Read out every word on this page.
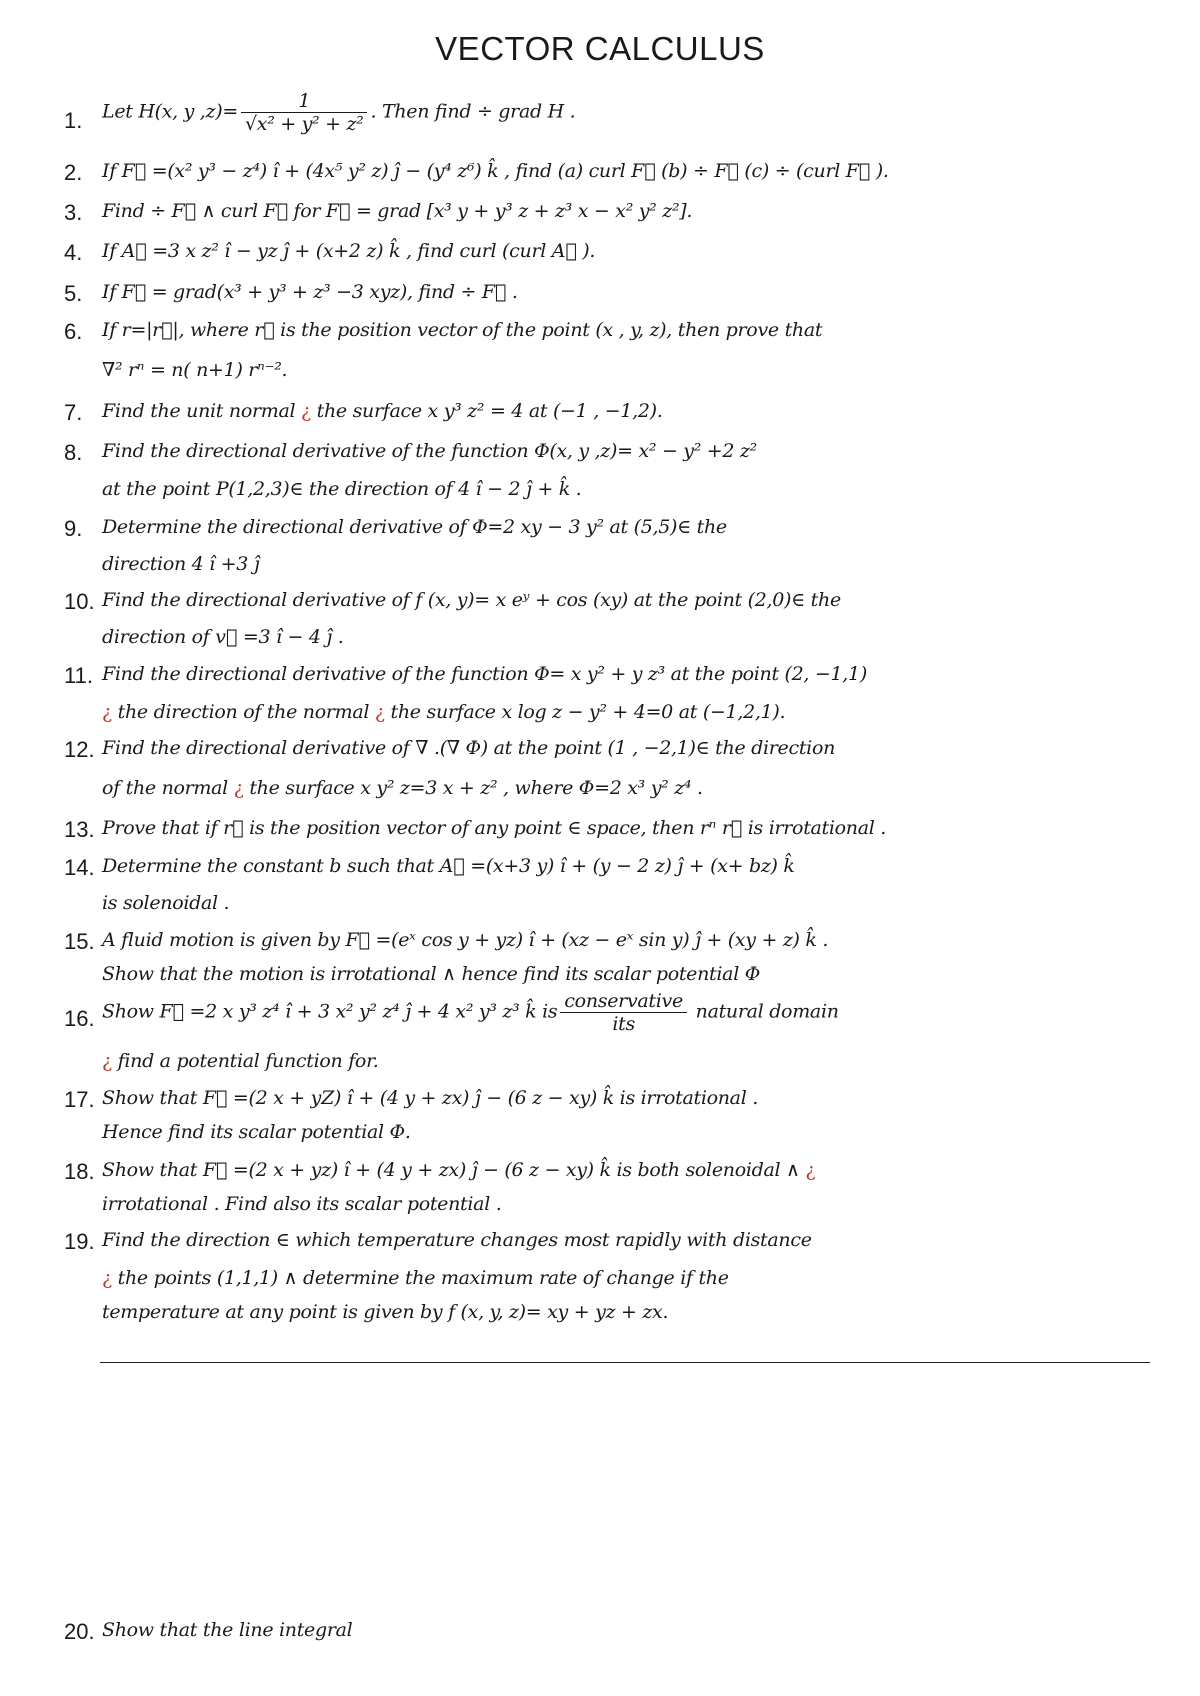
VECTOR CALCULUS
1. Let H(x, y $,z)= \frac{1}{\text{√x² + y² + z²}}$ . Then find ÷ grad H .
2. If F⃗ =(x² y³ − z⁴) î + (4x⁵ y² z) ĵ − (y⁴ z⁶) k̂ , find (a) curl F⃗ (b) ÷ F⃗ (c) ÷ (curl F⃗ ).
3. Find ÷ F⃗ ∧ curl F⃗ for F⃗ = grad [x³ y + y³ z + z³ x − x² y² z²].
4. If A⃗ =3 x z² î − yz ĵ + (x+2 z) k̂ , find curl (curl A⃗ ).
5. If F⃗ = grad(x³ + y³ + z³ −3 xyz), find ÷ F⃗ .
6. If r=|r⃗|, where r⃗ is the position vector of the point (x , y, z), then prove that
∇² rⁿ = n( n+1) rⁿ⁻².
7. Find the unit normal ¿ the surface x y³ z² = 4 at (−1 , −1,2).
8. Find the directional derivative of the function Φ(x, y ,z)= x² − y² +2 z²
at the point P(1,2,3)∈ the direction of 4 î − 2 ĵ + k̂ .
9. Determine the directional derivative of Φ=2 xy − 3 y² at (5,5)∈ the
direction 4 î +3 ĵ
10. Find the directional derivative of f (x, y)= x eʸ + cos (xy) at the point (2,0)∈ the
direction of v⃗ =3 î − 4 ĵ .
11. Find the directional derivative of the function Φ= x y² + y z³ at the point (2, −1,1)
¿ the direction of the normal ¿ the surface x log z − y² + 4=0 at (−1,2,1).
12. Find the directional derivative of ∇ .(∇ Φ) at the point (1 , −2,1)∈ the direction
of the normal ¿ the surface x y² z=3 x + z² , where Φ=2 x³ y² z⁴ .
13. Prove that if r⃗ is the position vector of any point ∈ space, then rⁿ r⃗ is irrotational .
14. Determine the constant b such that A⃗ =(x+3 y) î + (y − 2 z) ĵ + (x+ bz) k̂
is solenoidal .
15. A fluid motion is given by F⃗ =(eˣ cos y + yz) î + (xz − eˣ sin y) ĵ + (xy + z) k̂ .
Show that the motion is irrotational ∧ hence find its scalar potential Φ
16. Show F⃗ =2 x y³ z⁴ î + 3 x² y² z⁴ ĵ + 4 x² y³ z³ k̂ is $\frac{\text{conservative}}{\text{its}}$ natural domain
¿ find a potential function for.
17. Show that F⃗ =(2 x + yZ) î + (4 y + zx) ĵ − (6 z − xy) k̂ is irrotational .
Hence find its scalar potential Φ.
18. Show that F⃗ =(2 x + yz) î + (4 y + zx) ĵ − (6 z − xy) k̂ is both solenoidal ∧ ¿
irrotational . Find also its scalar potential .
19. Find the direction ∈ which temperature changes most rapidly with distance
¿ the points (1,1,1) ∧ determine the maximum rate of change if the
temperature at any point is given by f (x, y, z)= xy + yz + zx.
20. Show that the line integral
